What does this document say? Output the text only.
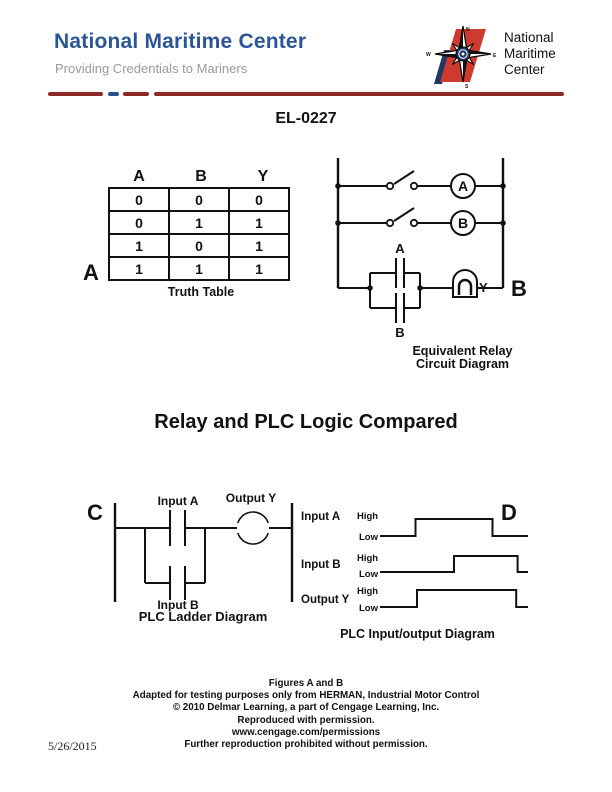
National Maritime Center
Providing Credentials to Mariners
N
W	E
S
National
Maritime
Center
EL-0227
A	B	Y
0	0	0
0	1	1
1	0	1
1	1	1
A
Truth Table
A
B
A
B
Y B
Equivalent Relay
Circuit Diagram
Relay and PLC Logic Compared
C	Input A
Input B
Output Y
PLC Ladder Diagram
D
Input A High
Low
Input B
High
Low
Output Y
High
Low
PLC Input/output Diagram
Figures A and B
Adapted for testing purposes only from HERMAN, Industrial Motor Control
© 2010 Delmar Learning, a part of Cengage Learning, Inc.
Reproduced with permission.
www.cengage.com/permissions
Further reproduction prohibited without permission.
5/26/2015
